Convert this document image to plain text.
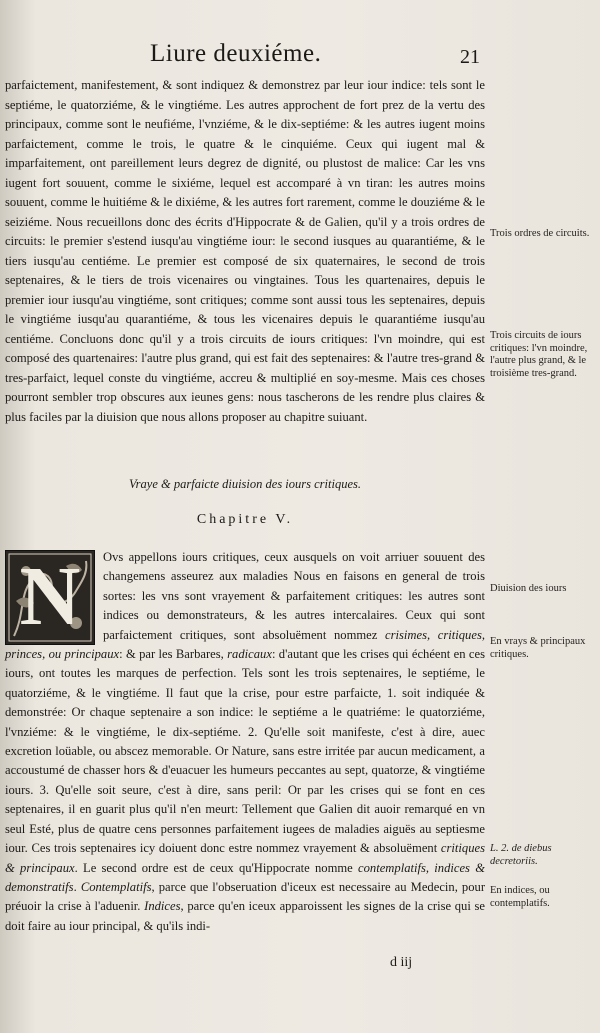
Liure deuxiéme.	21

parfaictement, manifestement, & sont indiquez & demonstrez par leur iour indice: tels sont le septiéme, le quatorziéme, & le vingtiéme. Les autres approchent de fort prez de la vertu des principaux, comme sont le neufiéme, l'vnziéme, & le dix-septiéme: & les autres iugent moins parfaictement, comme le trois, le quatre & le cinquiéme. Ceux qui iugent mal & imparfaitement, ont pareillement leurs degrez de dignité, ou plustost de malice: Car les vns iugent fort souuent, comme le sixiéme, lequel est accomparé à vn tiran: les autres moins souuent, comme le huitiéme & le dixiéme, & les autres fort rarement, comme le douziéme & le seiziéme. Nous recueillons donc des écrits d'Hippocrate & de Galien, qu'il y a trois ordres de circuits: le premier s'estend iusqu'au vingtiéme iour: le second iusques au quarantiéme, & le tiers iusqu'au centiéme. Le premier est composé de six quaternaires, le second de trois septenaires, & le tiers de trois vicenaires ou vingtaines. Tous les quartenaires, depuis le premier iour iusqu'au vingtiéme, sont critiques; comme sont aussi tous les septenaires, depuis le vingtiéme iusqu'au quarantiéme, & tous les vicenaires depuis le quarantiéme iusqu'au centiéme. Concluons donc qu'il y a trois circuits de iours critiques: l'vn moindre, qui est composé des quartenaires: l'autre plus grand, qui est fait des septenaires: & l'autre tres-grand & tres-parfaict, lequel conste du vingtiéme, accreu & multiplié en soy-mesme. Mais ces choses pourront sembler trop obscures aux ieunes gens: nous tascherons de les rendre plus claires & plus faciles par la diuision que nous allons proposer au chapitre suiuant.

Vraye & parfaicte diuision des iours critiques.
Chapitre V.
N	Ovs appellons iours critiques, ceux ausquels on voit arriuer souuent des changemens asseurez aux maladies Nous en faisons en general de trois sortes: les vns sont vrayement & parfaitement critiques: les autres sont indices ou demonstrateurs, & les autres intercalaires. Ceux qui sont parfaictement critiques, sont absoluëment nommez crisimes, critiques, princes, ou principaux: & par les Barbares, radicaux: d'autant que les crises qui échéent en ces iours, ont toutes les marques de perfection. Tels sont les trois septenaires, le septiéme, le quatorziéme, & le vingtiéme. Il faut que la crise, pour estre parfaicte, 1. soit indiquée & demonstrée: Or chaque septenaire a son indice: le septiéme a le quatriéme: le quatorziéme, l'vnziéme: & le vingtiéme, le dix-septiéme. 2. Qu'elle soit manifeste, c'est à dire, auec excretion loüable, ou abscez memorable. Or Nature, sans estre irritée par aucun medicament, a accoustumé de chasser hors & d'euacuer les humeurs peccantes au sept, quatorze, & vingtiéme iours. 3. Qu'elle soit seure, c'est à dire, sans peril: Or par les crises qui se font en ces septenaires, il en guarit plus qu'il n'en meurt: Tellement que Galien dit auoir remarqué en vn seul Esté, plus de quatre cens personnes parfaitement iugees de maladies aiguës au septiesme iour. Ces trois septenaires icy doiuent donc estre nommez vrayement & absoluëment critiques & principaux. Le second ordre est de ceux qu'Hippocrate nomme contemplatifs, indices & demonstratifs. Contemplatifs, parce que l'obseruation d'iceux est necessaire au Medecin, pour préuoir la crise à l'aduenir. Indices, parce qu'en iceux apparoissent les signes de la crise qui se doit faire au iour principal, & qu'ils indi-
Trois ordres de circuits.
Trois circuits de iours critiques: l'vn moindre, l'autre plus grand, & le troisième tres-grand.
Diuision des iours
En vrays & principaux critiques.
L. 2. de diebus decretoriis.
En indices, ou contemplatifs.
d iij
